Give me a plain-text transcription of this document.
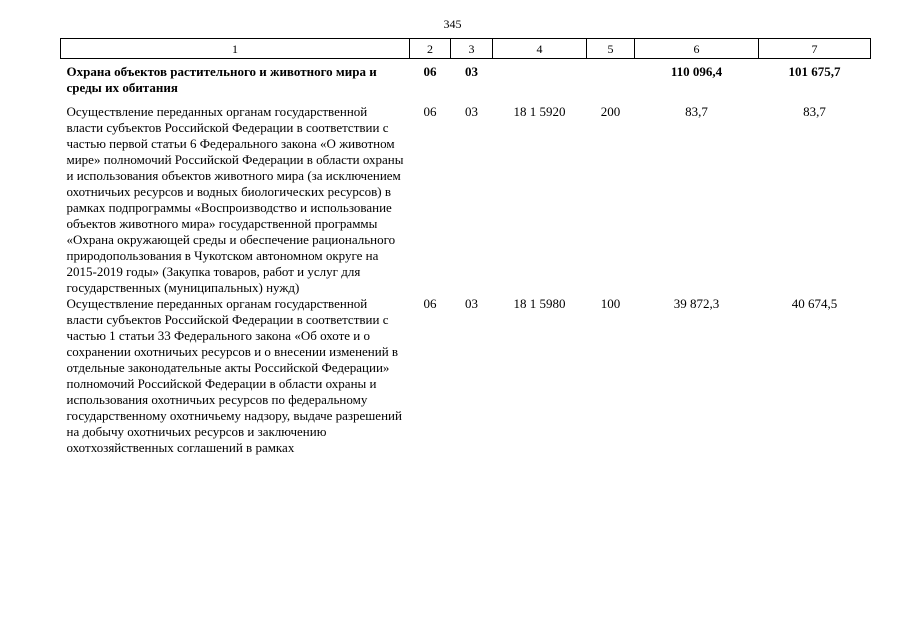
345
1	2	3	4	5	6	7
Охрана объектов растительного и животного мира и среды их обитания	06	03			110 096,4	101 675,7
Осуществление переданных органам государственной власти субъектов Российской Федерации в соответствии с частью первой статьи 6 Федерального закона «О животном мире» полномочий Российской Федерации в области охраны и использования объектов животного мира (за исключением охотничьих ресурсов и водных биологических ресурсов) в рамках подпрограммы «Воспроизводство и использование объектов животного мира» государственной программы «Охрана окружающей среды и обеспечение рационального природопользования в Чукотском автономном округе на 2015-2019 годы» (Закупка товаров, работ и услуг для государственных (муниципальных) нужд)	06	03	18 1 5920	200	83,7	83,7
Осуществление переданных органам государственной власти субъектов Российской Федерации в соответствии с частью 1 статьи 33 Федерального закона «Об охоте и о сохранении охотничьих ресурсов и о внесении изменений в отдельные законодательные акты Российской Федерации» полномочий Российской Федерации в области охраны и использования охотничьих ресурсов по федеральному государственному охотничьему надзору, выдаче разрешений на добычу охотничьих ресурсов и заключению охотхозяйственных соглашений в рамках	06	03	18 1 5980	100	39 872,3	40 674,5
